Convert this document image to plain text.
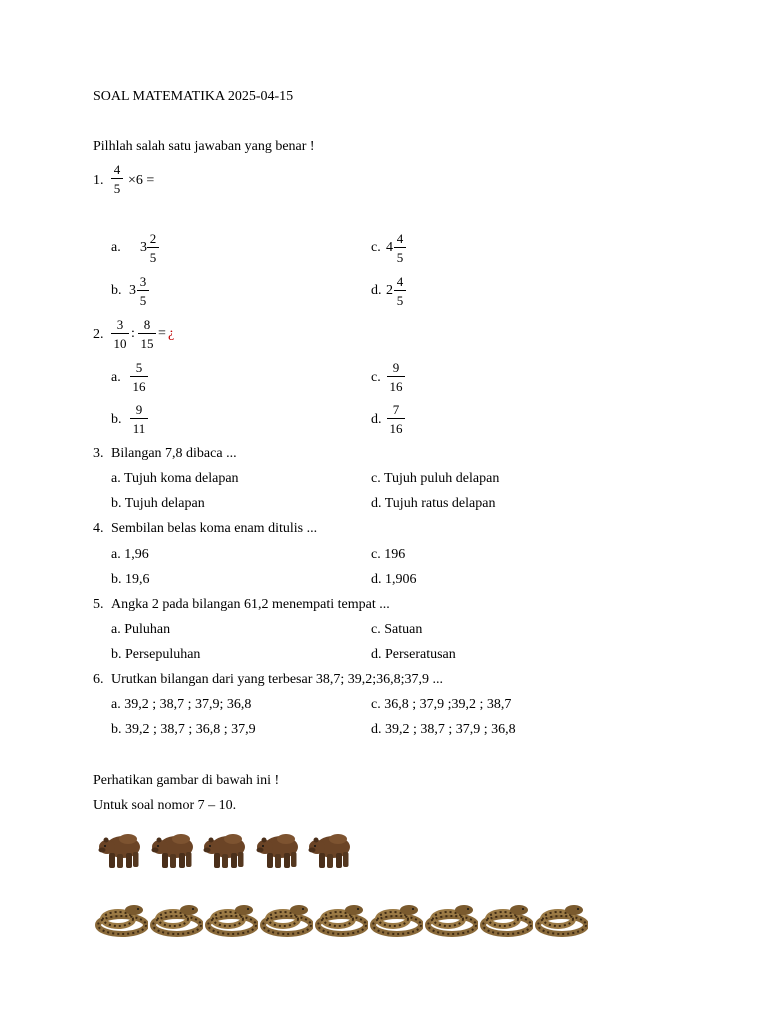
SOAL MATEMATIKA 2025-04-15
Pilhlah salah satu jawaban yang benar !
1.
4
5
×6 =
a. 3
2
5
c. 4
4
5
b. 3
3
5
d. 2
4
5
2.
3
10
:
8
15
= ¿
a.
5
16
c.
9
16
b.
9
11
d.
7
16
3. Bilangan 7,8 dibaca ...
a. Tujuh koma delapan	c. Tujuh puluh delapan
b. Tujuh delapan	d. Tujuh ratus delapan
4. Sembilan belas koma enam ditulis ...
a. 1,96	c. 196
b. 19,6	d. 1,906
5. Angka 2 pada bilangan 61,2 menempati tempat ...
a. Puluhan	c. Satuan
b. Persepuluhan	d. Perseratusan
6. Urutkan bilangan dari yang terbesar 38,7; 39,2;36,8;37,9 ...
a. 39,2 ; 38,7 ; 37,9; 36,8	c. 36,8 ; 37,9 ;39,2 ; 38,7
b. 39,2 ; 38,7 ; 36,8 ; 37,9	d. 39,2 ; 38,7 ; 37,9 ; 36,8
Perhatikan gambar di bawah ini !
Untuk soal nomor 7 – 10.
